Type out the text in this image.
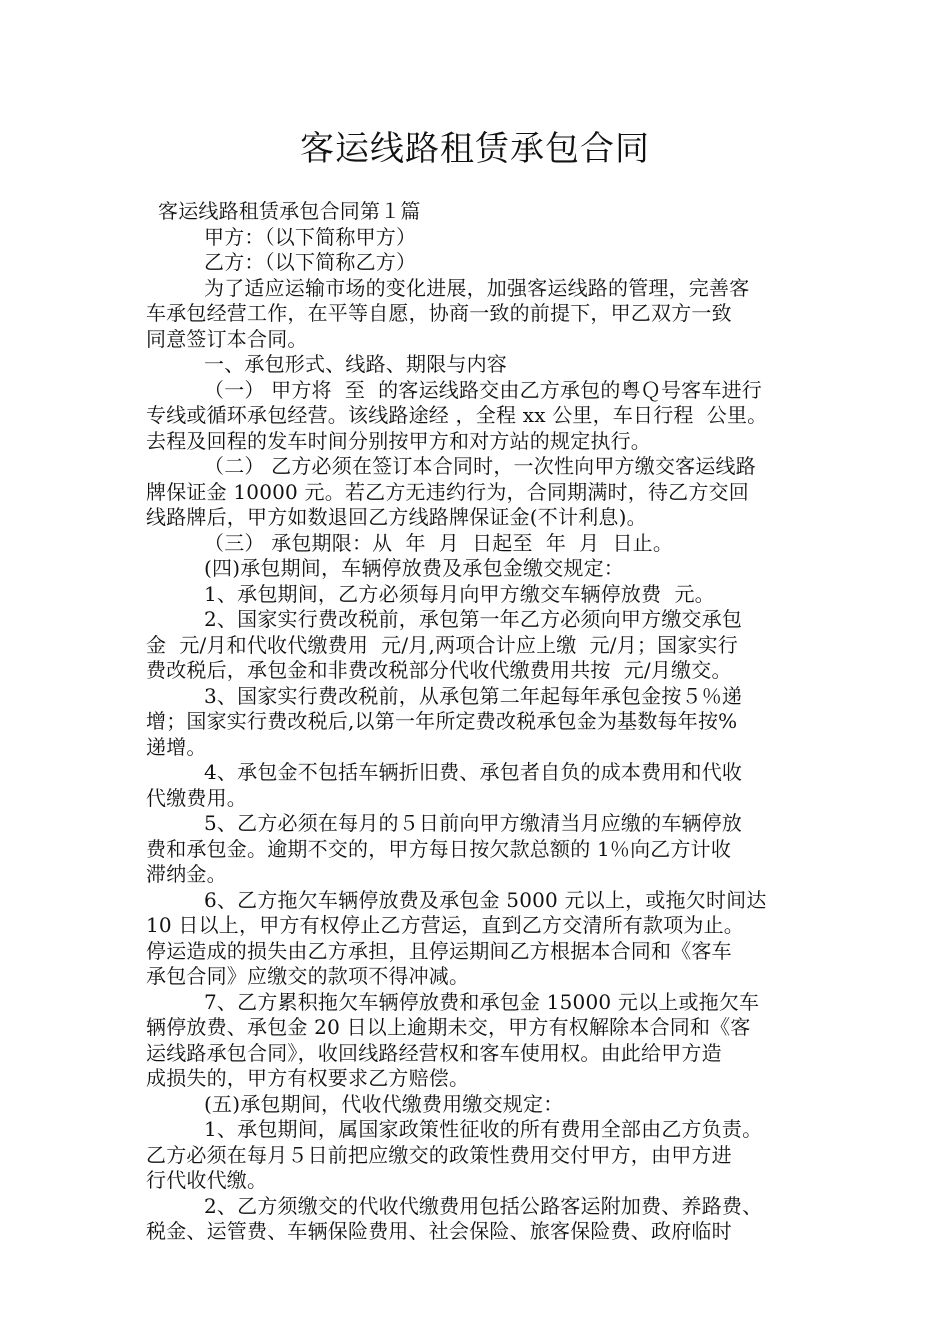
客运线路租赁承包合同
客运线路租赁承包合同第１篇
甲方：（以下简称甲方）
乙方：（以下简称乙方）
为了适应运输市场的变化进展，加强客运线路的管理，完善客
车承包经营工作，在平等自愿，协商一致的前提下，甲乙双方一致
同意签订本合同。
一、承包形式、线路、期限与内容
（一） 甲方将  至  的客运线路交由乙方承包的粤Ｑ号客车进行
专线或循环承包经营。该线路途经 ，全程 xx 公里，车日行程  公里。
去程及回程的发车时间分别按甲方和对方站的规定执行。
（二） 乙方必须在签订本合同时，一次性向甲方缴交客运线路
牌保证金 10000 元。若乙方无违约行为，合同期满时，待乙方交回
线路牌后，甲方如数退回乙方线路牌保证金(不计利息)。
（三） 承包期限：从  年  月  日起至  年  月  日止。
(四)承包期间，车辆停放费及承包金缴交规定：
1、承包期间，乙方必须每月向甲方缴交车辆停放费  元。
2、国家实行费改税前，承包第一年乙方必须向甲方缴交承包
金  元/月和代收代缴费用  元/月,两项合计应上缴  元/月；国家实行
费改税后，承包金和非费改税部分代收代缴费用共按  元/月缴交。
3、国家实行费改税前，从承包第二年起每年承包金按５％递
增；国家实行费改税后,以第一年所定费改税承包金为基数每年按%
递增。
4、承包金不包括车辆折旧费、承包者自负的成本费用和代收
代缴费用。
5、乙方必须在每月的５日前向甲方缴清当月应缴的车辆停放
费和承包金。逾期不交的，甲方每日按欠款总额的 1％向乙方计收
滞纳金。
6、乙方拖欠车辆停放费及承包金 5000 元以上，或拖欠时间达
10 日以上，甲方有权停止乙方营运，直到乙方交清所有款项为止。
停运造成的损失由乙方承担，且停运期间乙方根据本合同和《客车
承包合同》应缴交的款项不得冲减。
7、乙方累积拖欠车辆停放费和承包金 15000 元以上或拖欠车
辆停放费、承包金 20 日以上逾期未交，甲方有权解除本合同和《客
运线路承包合同》，收回线路经营权和客车使用权。由此给甲方造
成损失的，甲方有权要求乙方赔偿。
(五)承包期间，代收代缴费用缴交规定：
1、承包期间，属国家政策性征收的所有费用全部由乙方负责。
乙方必须在每月５日前把应缴交的政策性费用交付甲方，由甲方进
行代收代缴。
2、乙方须缴交的代收代缴费用包括公路客运附加费、养路费、
税金、运管费、车辆保险费用、社会保险、旅客保险费、政府临时
